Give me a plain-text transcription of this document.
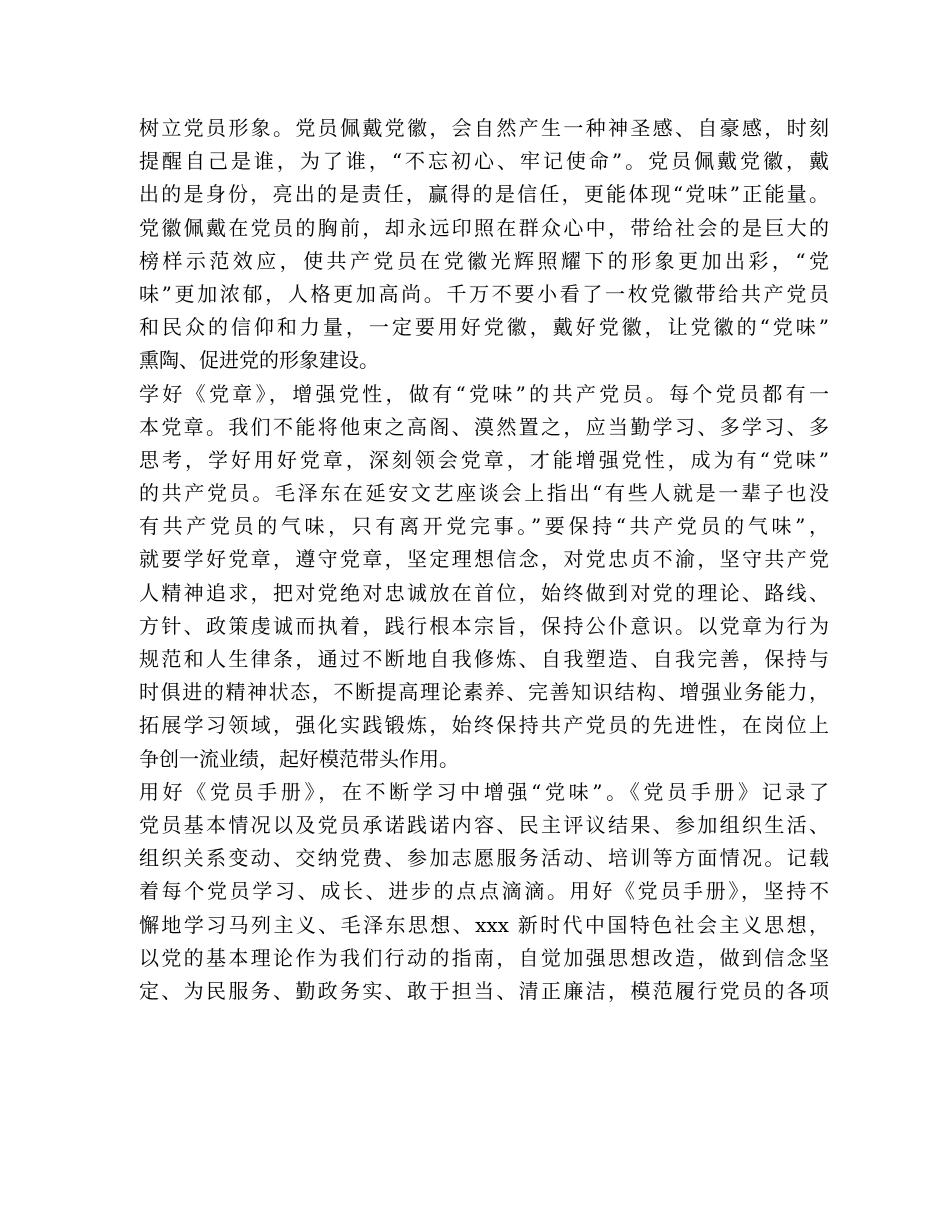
树立党员形象。党员佩戴党徽，会自然产生一种神圣感、自豪感，时刻
提醒自己是谁，为了谁，“不忘初心、牢记使命”。党员佩戴党徽，戴
出的是身份，亮出的是责任，赢得的是信任，更能体现“党味”正能量。
党徽佩戴在党员的胸前，却永远印照在群众心中，带给社会的是巨大的
榜样示范效应，使共产党员在党徽光辉照耀下的形象更加出彩，“党
味”更加浓郁，人格更加高尚。千万不要小看了一枚党徽带给共产党员
和民众的信仰和力量，一定要用好党徽，戴好党徽，让党徽的“党味”
熏陶、促进党的形象建设。
学好《党章》，增强党性，做有“党味”的共产党员。每个党员都有一
本党章。我们不能将他束之高阁、漠然置之，应当勤学习、多学习、多
思考，学好用好党章，深刻领会党章，才能增强党性，成为有“党味”
的共产党员。毛泽东在延安文艺座谈会上指出“有些人就是一辈子也没
有共产党员的气味，只有离开党完事。”要保持“共产党员的气味”，
就要学好党章，遵守党章，坚定理想信念，对党忠贞不渝，坚守共产党
人精神追求，把对党绝对忠诚放在首位，始终做到对党的理论、路线、
方针、政策虔诚而执着，践行根本宗旨，保持公仆意识。以党章为行为
规范和人生律条，通过不断地自我修炼、自我塑造、自我完善，保持与
时俱进的精神状态，不断提高理论素养、完善知识结构、增强业务能力，
拓展学习领域，强化实践锻炼，始终保持共产党员的先进性，在岗位上
争创一流业绩，起好模范带头作用。
用好《党员手册》，在不断学习中增强“党味”。《党员手册》记录了
党员基本情况以及党员承诺践诺内容、民主评议结果、参加组织生活、
组织关系变动、交纳党费、参加志愿服务活动、培训等方面情况。记载
着每个党员学习、成长、进步的点点滴滴。用好《党员手册》，坚持不
懈地学习马列主义、毛泽东思想、xxx 新时代中国特色社会主义思想，
以党的基本理论作为我们行动的指南，自觉加强思想改造，做到信念坚
定、为民服务、勤政务实、敢于担当、清正廉洁，模范履行党员的各项
